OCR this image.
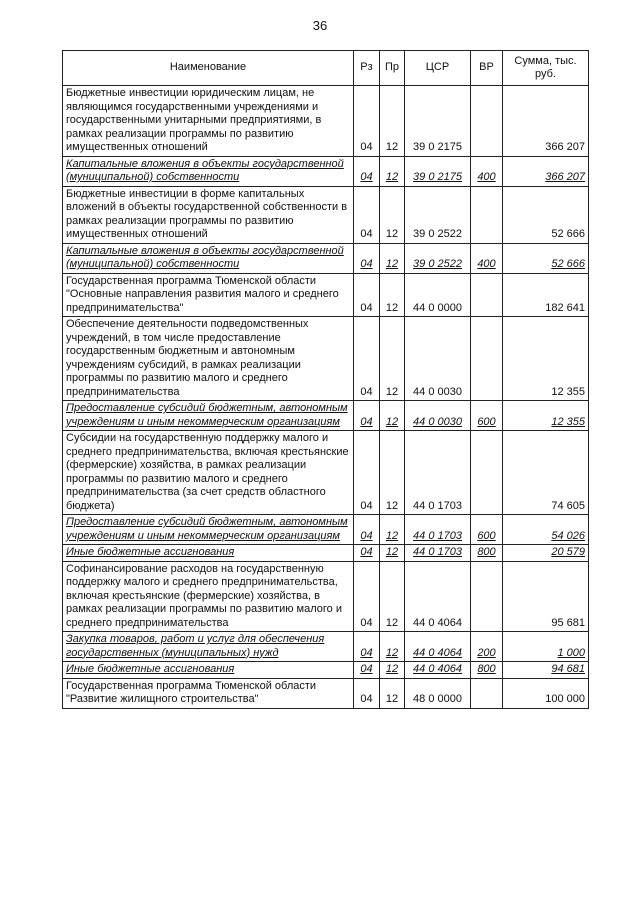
36
Наименование	Рз	Пр	ЦСР	ВР	Сумма, тыс. руб.
Бюджетные инвестиции юридическим лицам, не являющимся государственными учреждениями и государственными унитарными предприятиями, в рамках реализации программы по развитию имущественных отношений	04	12	39 0 2175		366 207
Капитальные вложения в объекты государственной (муниципальной) собственности	04	12	39 0 2175	400	366 207
Бюджетные инвестиции в форме капитальных вложений в объекты государственной собственности в рамках реализации программы по развитию имущественных отношений	04	12	39 0 2522		52 666
Капитальные вложения в объекты государственной (муниципальной) собственности	04	12	39 0 2522	400	52 666
Государственная программа Тюменской области "Основные направления развития малого и среднего предпринимательства"	04	12	44 0 0000		182 641
Обеспечение деятельности подведомственных учреждений, в том числе предоставление государственным бюджетным и автономным учреждениям субсидий, в рамках реализации программы по развитию малого и среднего предпринимательства	04	12	44 0 0030		12 355
Предоставление субсидий бюджетным, автономным учреждениям и иным некоммерческим организациям	04	12	44 0 0030	600	12 355
Субсидии на государственную поддержку малого и среднего предпринимательства, включая крестьянские (фермерские) хозяйства, в рамках реализации программы по развитию малого и среднего предпринимательства (за счет средств областного бюджета)	04	12	44 0 1703		74 605
Предоставление субсидий бюджетным, автономным учреждениям и иным некоммерческим организациям	04	12	44 0 1703	600	54 026
Иные бюджетные ассигнования	04	12	44 0 1703	800	20 579
Софинансирование расходов на государственную поддержку малого и среднего предпринимательства, включая крестьянские (фермерские) хозяйства, в рамках реализации программы по развитию малого и среднего предпринимательства	04	12	44 0 4064		95 681
Закупка товаров, работ и услуг для обеспечения государственных (муниципальных) нужд	04	12	44 0 4064	200	1 000
Иные бюджетные ассигнования	04	12	44 0 4064	800	94 681
Государственная программа Тюменской области "Развитие жилищного строительства"	04	12	48 0 0000		100 000
